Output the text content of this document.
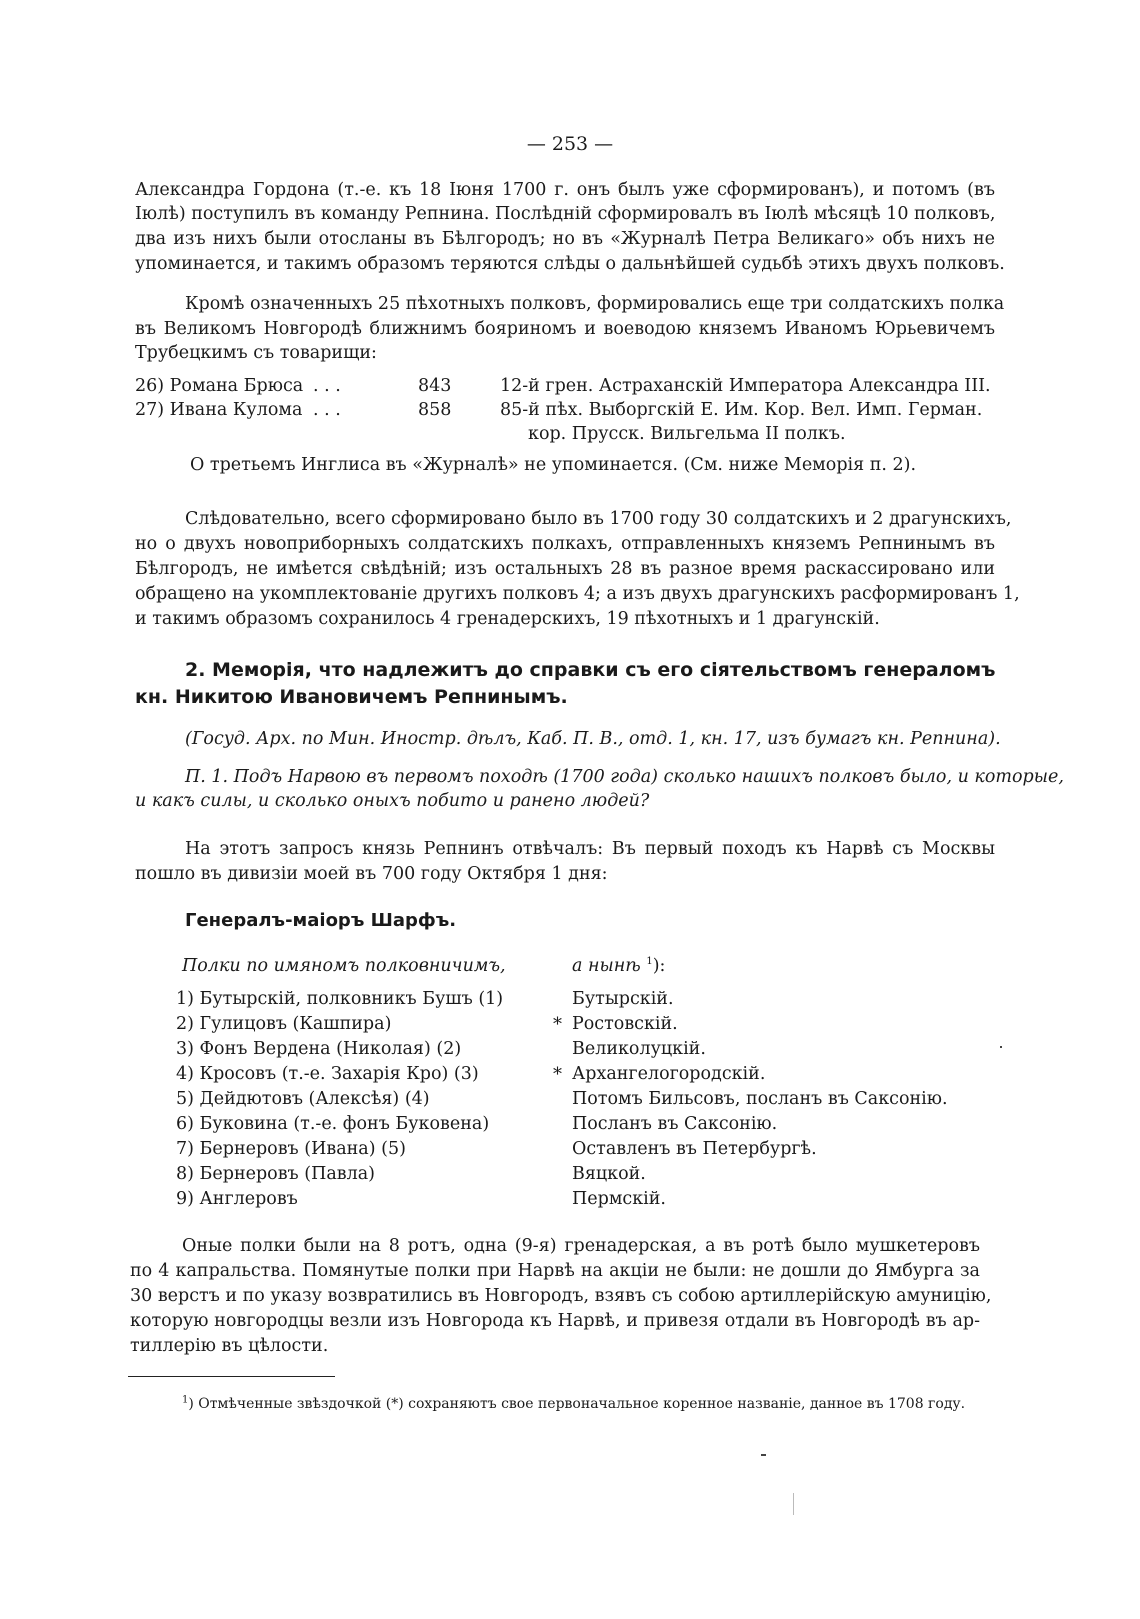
— 253 —
Александра Гордона (т.-е. къ 18 Iюня 1700 г. онъ былъ уже сформированъ), и потомъ (въ
Iюлѣ) поступилъ въ команду Репнина. Послѣднiй сформировалъ въ Iюлѣ мѣсяцѣ 10 полковъ,
два изъ нихъ были отосланы въ Бѣлгородъ; но въ «Журналѣ Петра Великаго» объ нихъ не
упоминается, и такимъ образомъ теряются слѣды о дальнѣйшей судьбѣ этихъ двухъ полковъ.
Кромѣ означенныхъ 25 пѣхотныхъ полковъ, формировались еще три солдатскихъ полка
въ Великомъ Новгородѣ ближнимъ бояриномъ и воеводою княземъ Иваномъ Юрьевичемъ
Трубецкимъ съ товарищи:
26) Романа Брюса . . .	843	12-й грен. Астраханскiй Императора Александра III.
27) Ивана Кулома . . .	858	85-й пѣх. Выборгскiй Е. Им. Кор. Вел. Имп. Герман.
кор. Прусск. Вильгельма II полкъ.
О третьемъ Инглиса въ «Журналѣ» не упоминается. (См. ниже Меморiя п. 2).
Слѣдовательно, всего сформировано было въ 1700 году 30 солдатскихъ и 2 драгунскихъ,
но о двухъ новоприборныхъ солдатскихъ полкахъ, отправленныхъ княземъ Репнинымъ въ
Бѣлгородъ, не имѣется свѣдѣнiй; изъ остальныхъ 28 въ разное время раскассировано или
обращено на укомплектованiе другихъ полковъ 4; а изъ двухъ драгунскихъ расформированъ 1,
и такимъ образомъ сохранилось 4 гренадерскихъ, 19 пѣхотныхъ и 1 драгунскiй.
2. Меморiя, что надлежитъ до справки съ его сiятельствомъ генераломъ
кн. Никитою Ивановичемъ Репнинымъ.
(Госуд. Арх. по Мин. Иностр. дѣлъ, Каб. П. В., отд. 1, кн. 17, изъ бумагъ кн. Репнина).
П. 1. Подъ Нарвою въ первомъ походѣ (1700 года) сколько нашихъ полковъ было, и которые,
и какъ силы, и сколько оныхъ побито и ранено людей?
На этотъ запросъ князь Репнинъ отвѣчалъ: Въ первый походъ къ Нарвѣ съ Москвы
пошло въ дивизiи моей въ 700 году Октября 1 дня:
Генералъ-маiоръ Шарфъ.
Полки по имяномъ полковничимъ,	а нынѣ $^1$):
1) Бутырскiй, полковникъ Бушъ (1)	Бутырскiй.
2) Гулицовъ (Кашпира)	* Ростовскiй.
3) Фонъ Вердена (Николая) (2)	Великолуцкiй.
4) Кросовъ (т.-е. Захарiя Кро) (3)	* Архангелогородскiй.
5) Дейдютовъ (Алексѣя) (4)	Потомъ Бильсовъ, посланъ въ Саксонiю.
6) Буковина (т.-е. фонъ Буковена)	Посланъ въ Саксонiю.
7) Бернеровъ (Ивана) (5)	Оставленъ въ Петербургѣ.
8) Бернеровъ (Павла)	Вяцкой.
9) Англеровъ	Пермскiй.
Оные полки были на 8 ротъ, одна (9-я) гренадерская, а въ ротѣ было мушкетеровъ
по 4 капральства. Помянутые полки при Нарвѣ на акцiи не были: не дошли до Ямбурга за
30 верстъ и по указу возвратились въ Новгородъ, взявъ съ собою артиллерiйскую амуницiю,
которую новгородцы везли изъ Новгорода къ Нарвѣ, и привезя отдали въ Новгородѣ въ ар-
тиллерiю въ цѣлости.
$^1$) Отмѣченные звѣздочкой (*) сохраняютъ свое первоначальное коренное названiе, данное въ 1708 году.
